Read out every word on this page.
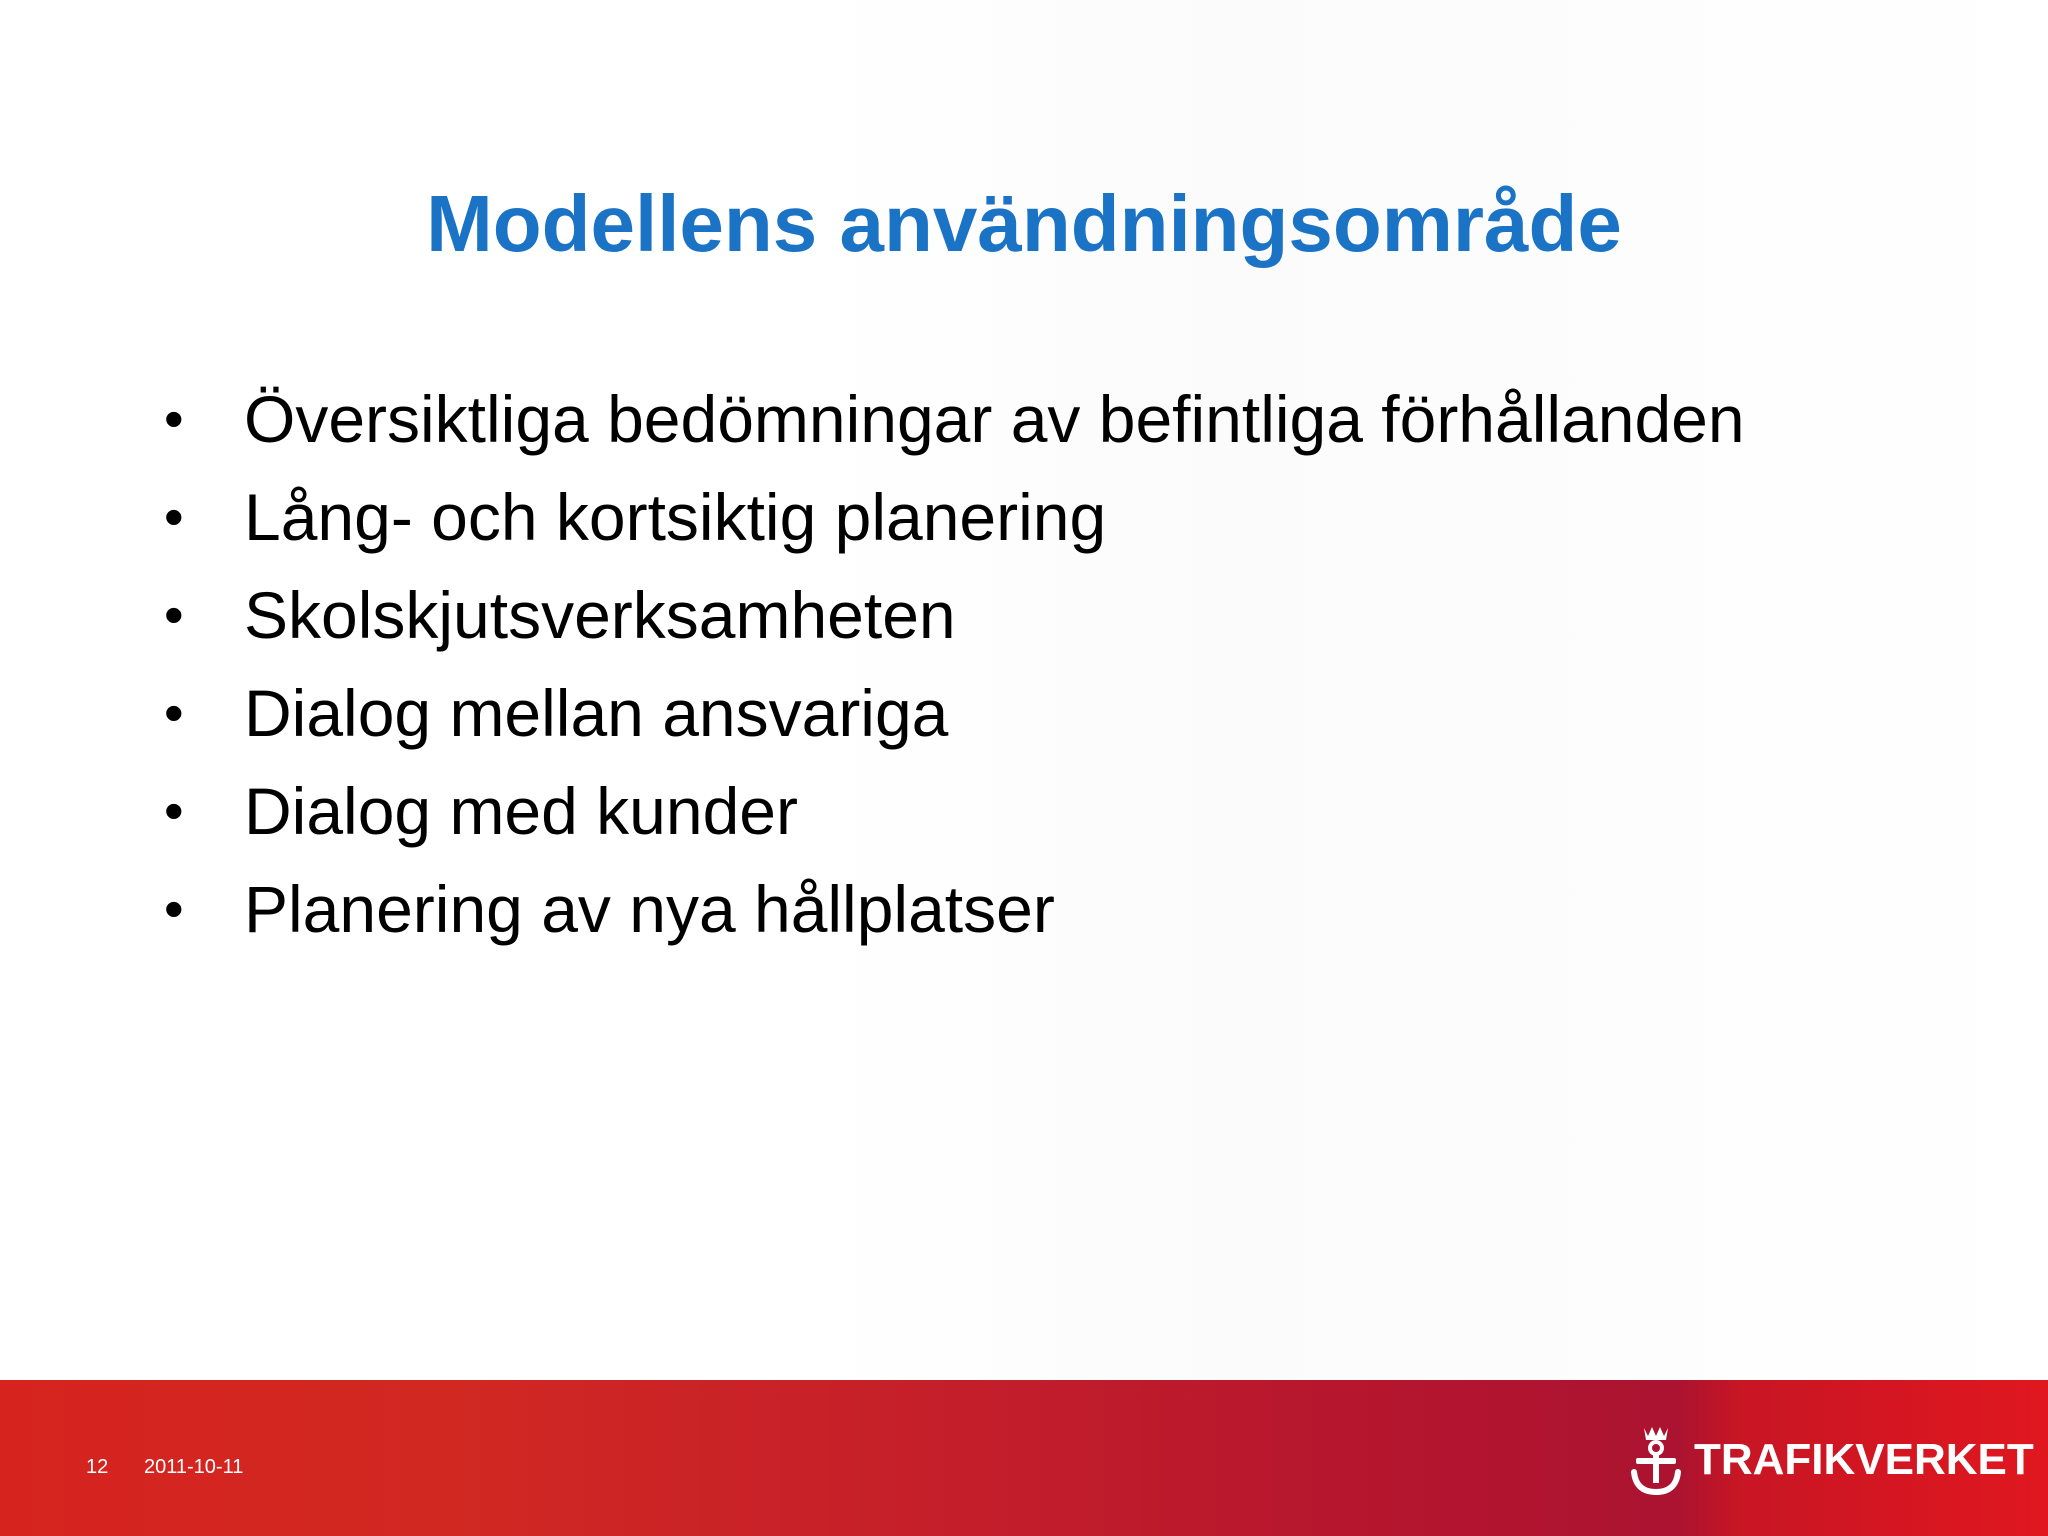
Modellens användningsområde
• Översiktliga bedömningar av befintliga förhållanden
• Lång- och kortsiktig planering
• Skolskjutsverksamheten
• Dialog mellan ansvariga
• Dialog med kunder
• Planering av nya hållplatser
12 2011-10-11	TRAFIKVERKET
